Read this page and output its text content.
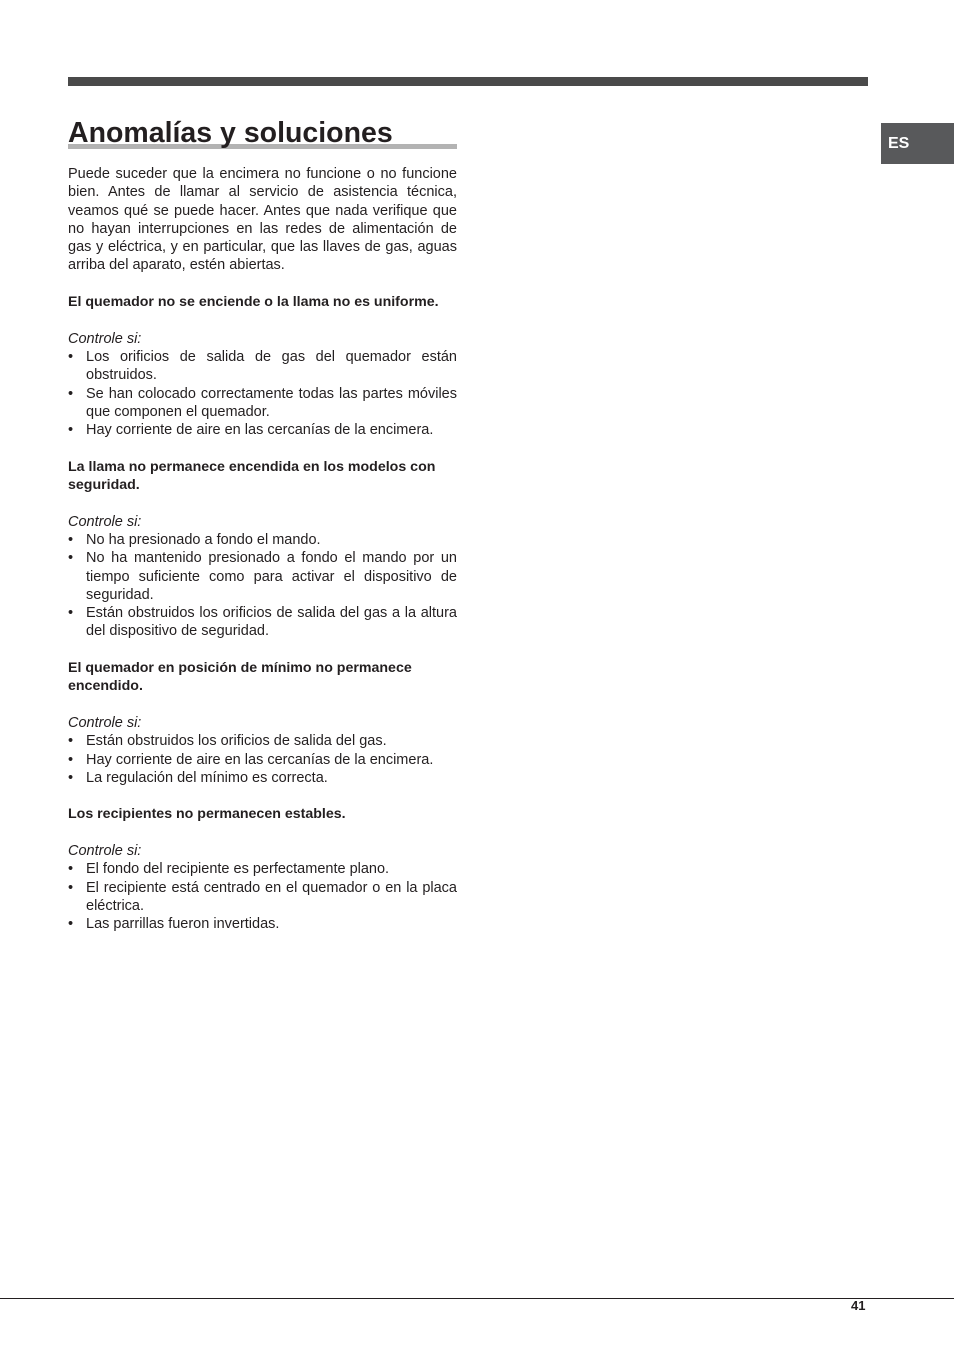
ES
Anomalías y soluciones

Puede suceder que la encimera no funcione o no funcione bien. Antes de llamar al servicio de asistencia técnica, veamos qué se puede hacer. Antes que nada verifique que no hayan interrupciones en las redes de alimentación de gas y eléctrica, y en particular, que las llaves de gas, aguas arriba del aparato, estén abiertas.

El quemador no se enciende o la llama no es uniforme.

Controle si:

• Los orificios de salida de gas del quemador están obstruidos.
• Se han colocado correctamente todas las partes móviles que componen el quemador.
• Hay corriente de aire en las cercanías de la encimera.

La llama no permanece encendida en los modelos con seguridad.

Controle si:

• No ha presionado a fondo el mando.
• No ha mantenido presionado a fondo el mando por un tiempo suficiente como para activar el dispositivo de seguridad.
• Están obstruidos los orificios de salida del gas a la altura del dispositivo de seguridad.

El quemador en posición de mínimo no permanece encendido.

Controle si:

• Están obstruidos los orificios de salida del gas.
• Hay corriente de aire en las cercanías de la encimera.
• La regulación del mínimo es correcta.

Los recipientes no permanecen estables.

Controle si:

• El fondo del recipiente es perfectamente plano.
• El recipiente está centrado en el quemador o en la placa eléctrica.
• Las parrillas fueron invertidas.
41
